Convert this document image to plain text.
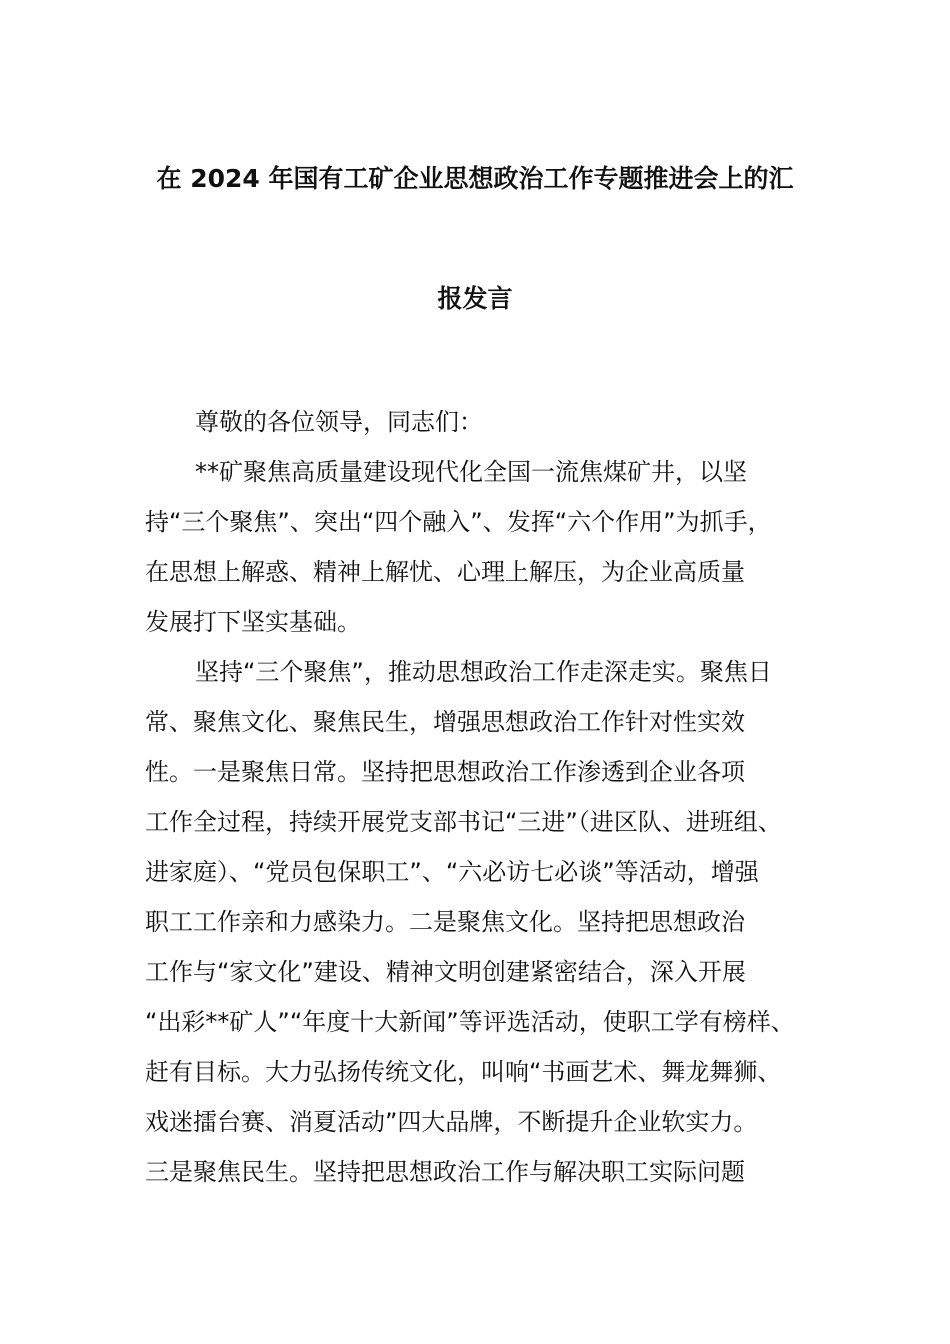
在 2024 年国有工矿企业思想政治工作专题推进会上的汇
报发言
尊敬的各位领导，同志们：
**矿聚焦高质量建设现代化全国一流焦煤矿井，以坚
持“三个聚焦”、突出“四个融入”、发挥“六个作用”为抓手，
在思想上解惑、精神上解忧、心理上解压，为企业高质量
发展打下坚实基础。
坚持“三个聚焦”，推动思想政治工作走深走实。聚焦日
常、聚焦文化、聚焦民生，增强思想政治工作针对性实效
性。一是聚焦日常。坚持把思想政治工作渗透到企业各项
工作全过程，持续开展党支部书记“三进”（进区队、进班组、
进家庭）、“党员包保职工”、“六必访七必谈”等活动，增强
职工工作亲和力感染力。二是聚焦文化。坚持把思想政治
工作与“家文化”建设、精神文明创建紧密结合，深入开展
“出彩**矿人”“年度十大新闻”等评选活动，使职工学有榜样、
赶有目标。大力弘扬传统文化，叫响“书画艺术、舞龙舞狮、
戏迷擂台赛、消夏活动”四大品牌，不断提升企业软实力。
三是聚焦民生。坚持把思想政治工作与解决职工实际问题
